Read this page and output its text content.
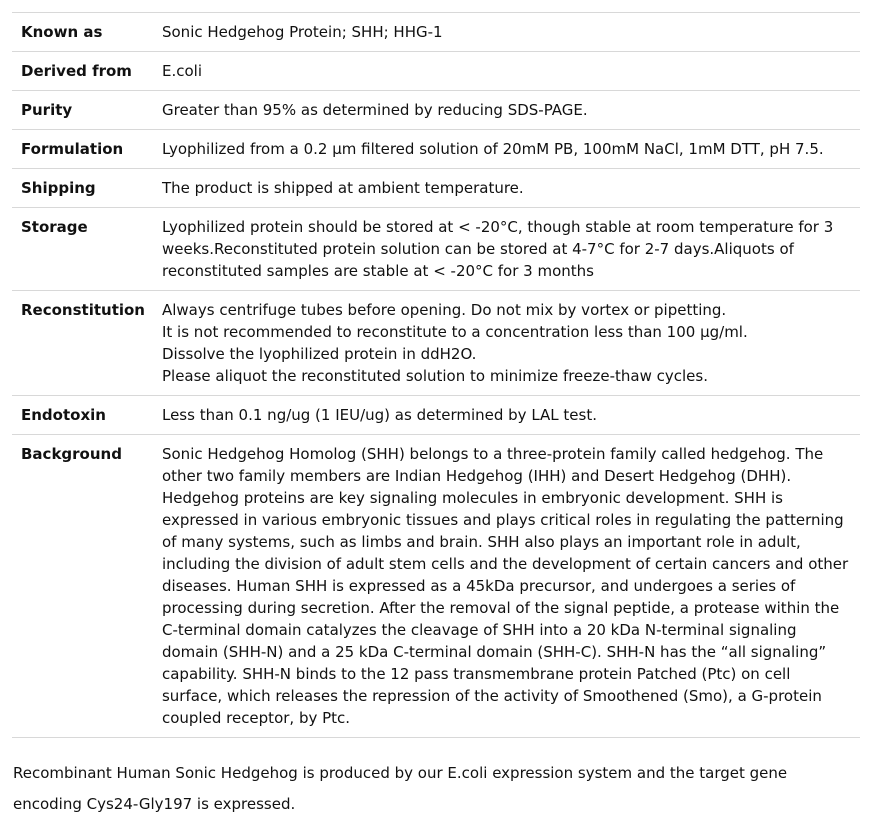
Known as	Sonic Hedgehog Protein; SHH; HHG-1
Derived from	E.coli
Purity	Greater than 95% as determined by reducing SDS-PAGE.
Formulation	Lyophilized from a 0.2 μm filtered solution of 20mM PB, 100mM NaCl, 1mM DTT, pH 7.5.
Shipping	The product is shipped at ambient temperature.
Storage	Lyophilized protein should be stored at < -20°C, though stable at room temperature for 3 weeks.Reconstituted protein solution can be stored at 4-7°C for 2-7 days.Aliquots of reconstituted samples are stable at < -20°C for 3 months
Reconstitution	Always centrifuge tubes before opening. Do not mix by vortex or pipetting.
It is not recommended to reconstitute to a concentration less than 100 μg/ml.
Dissolve the lyophilized protein in ddH2O.
Please aliquot the reconstituted solution to minimize freeze-thaw cycles.

Endotoxin	Less than 0.1 ng/ug (1 IEU/ug) as determined by LAL test.
Background	Sonic Hedgehog Homolog (SHH) belongs to a three-protein family called hedgehog. The other two family members are Indian Hedgehog (IHH) and Desert Hedgehog (DHH). Hedgehog proteins are key signaling molecules in embryonic development. SHH is expressed in various embryonic tissues and plays critical roles in regulating the patterning of many systems, such as limbs and brain. SHH also plays an important role in adult, including the division of adult stem cells and the development of certain cancers and other diseases. Human SHH is expressed as a 45kDa precursor, and undergoes a series of processing during secretion. After the removal of the signal peptide, a protease within the C-terminal domain catalyzes the cleavage of SHH into a 20 kDa N-terminal signaling domain (SHH-N) and a 25 kDa C-terminal domain (SHH-C). SHH-N has the “all signaling” capability. SHH-N binds to the 12 pass transmembrane protein Patched (Ptc) on cell surface, which releases the repression of the activity of Smoothened (Smo), a G-protein coupled receptor, by Ptc.

Recombinant Human Sonic Hedgehog is produced by our E.coli expression system and the target gene encoding Cys24-Gly197 is expressed.
